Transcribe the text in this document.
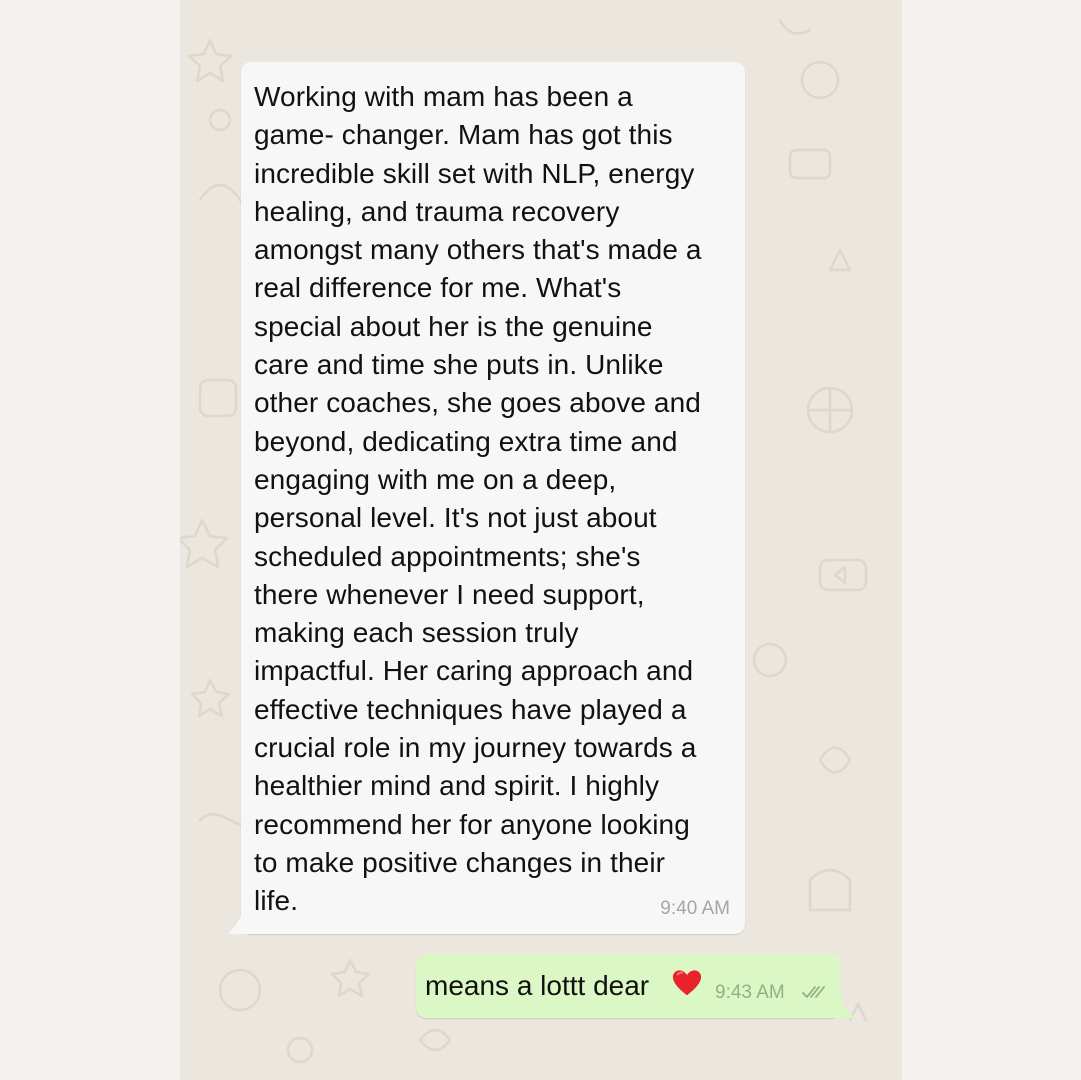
Working with mam has been a
game- changer. Mam has got this
incredible skill set with NLP, energy
healing, and trauma recovery
amongst many others that's made a
real difference for me. What's
special about her is the genuine
care and time she puts in. Unlike
other coaches, she goes above and
beyond, dedicating extra time and
engaging with me on a deep,
personal level. It's not just about
scheduled appointments; she's
there whenever I need support,
making each session truly
impactful. Her caring approach and
effective techniques have played a
crucial role in my journey towards a
healthier mind and spirit. I highly
recommend her for anyone looking
to make positive changes in their
life.	9:40 AM
means a lottt dear	9:43 AM
